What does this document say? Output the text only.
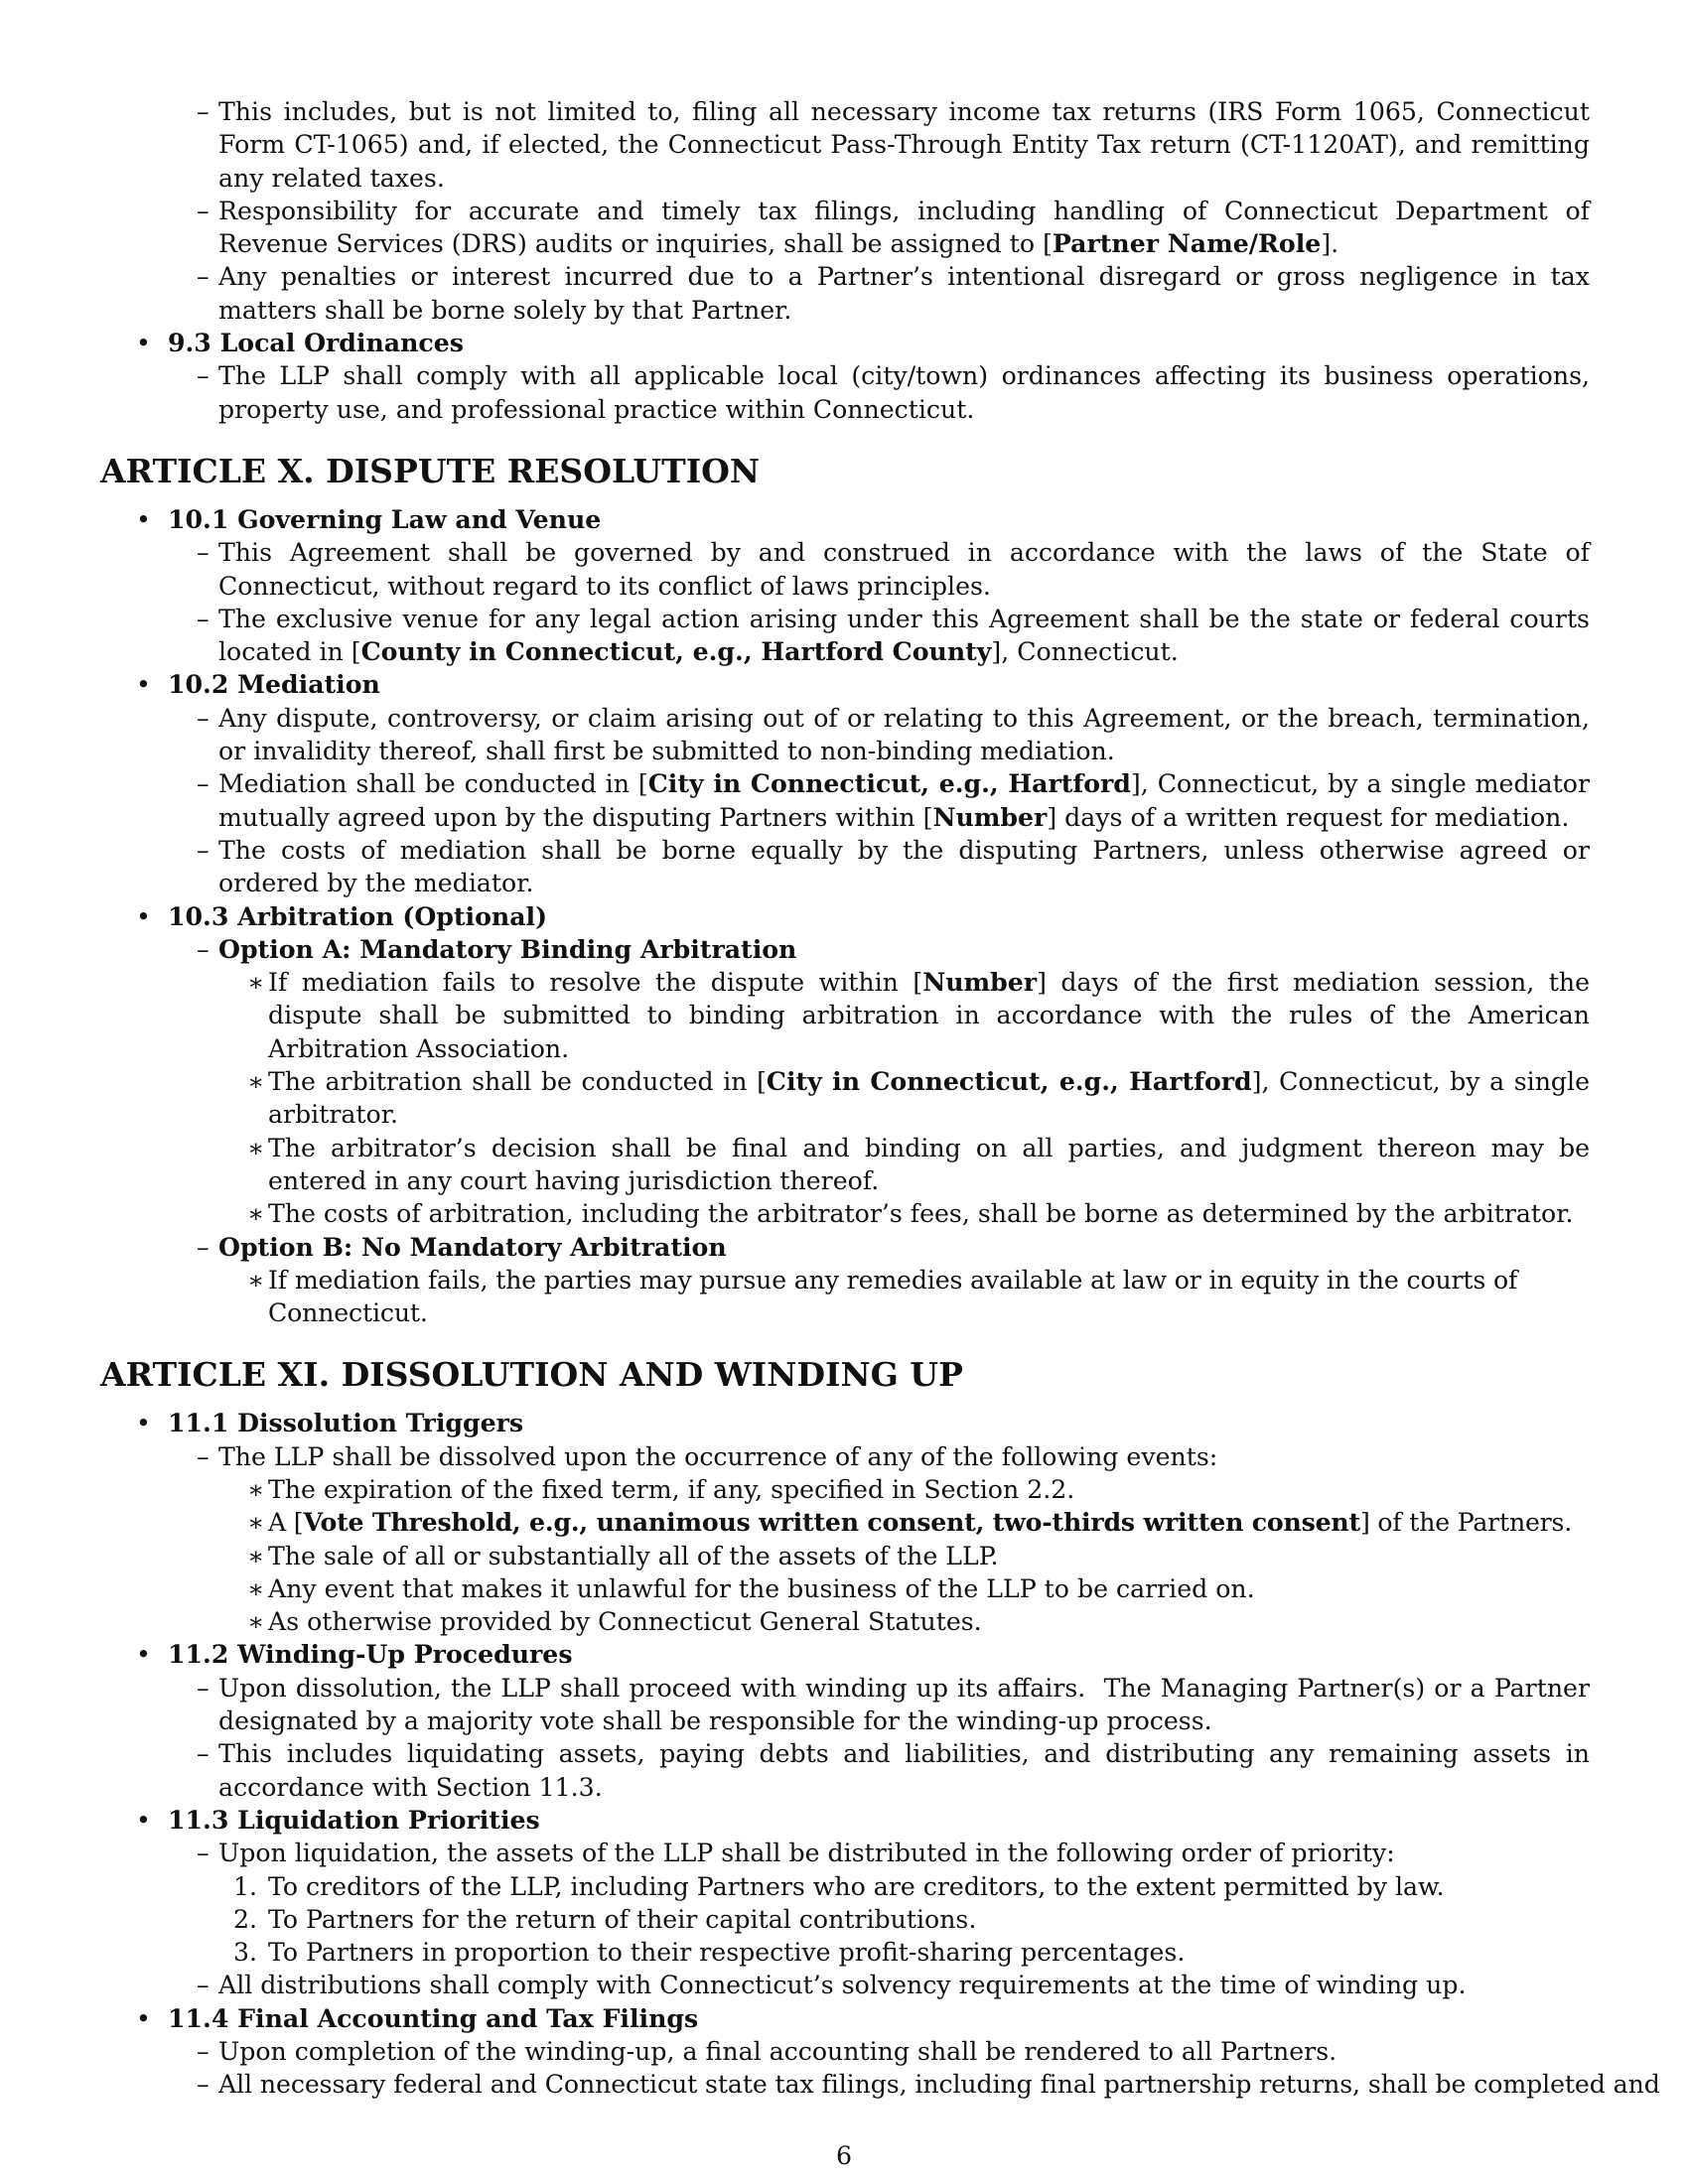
– This includes, but is not limited to, filing all necessary income tax returns (IRS Form 1065, Connecticut Form CT-1065) and, if elected, the Connecticut Pass-Through Entity Tax return (CT-1120AT), and remitting any related taxes.

– Responsibility for accurate and timely tax filings, including handling of Connecticut Department of Revenue Services (DRS) audits or inquiries, shall be assigned to [Partner Name/Role].

– Any penalties or interest incurred due to a Partner’s intentional disregard or gross negligence in tax matters shall be borne solely by that Partner.

• 9.3 Local Ordinances

– The LLP shall comply with all applicable local (city/town) ordinances affecting its business operations, property use, and professional practice within Connecticut.

ARTICLE X. DISPUTE RESOLUTION
• 10.1 Governing Law and Venue

– This Agreement shall be governed by and construed in accordance with the laws of the State of Connecticut, without regard to its conflict of laws principles.

– The exclusive venue for any legal action arising under this Agreement shall be the state or federal courts located in [County in Connecticut, e.g., Hartford County], Connecticut.

• 10.2 Mediation

– Any dispute, controversy, or claim arising out of or relating to this Agreement, or the breach, termination, or invalidity thereof, shall first be submitted to non-binding mediation.

– Mediation shall be conducted in [City in Connecticut, e.g., Hartford], Connecticut, by a single mediator mutually agreed upon by the disputing Partners within [Number] days of a written request for mediation.

– The costs of mediation shall be borne equally by the disputing Partners, unless otherwise agreed or ordered by the mediator.

• 10.3 Arbitration (Optional)
– Option A: Mandatory Binding Arbitration

∗ If mediation fails to resolve the dispute within [Number] days of the first mediation session, the dispute shall be submitted to binding arbitration in accordance with the rules of the American Arbitration Association.

∗ The arbitration shall be conducted in [City in Connecticut, e.g., Hartford], Connecticut, by a single arbitrator.

∗ The arbitrator’s decision shall be final and binding on all parties, and judgment thereon may be entered in any court having jurisdiction thereof.

∗ The costs of arbitration, including the arbitrator’s fees, shall be borne as determined by the arbitrator.

– Option B: No Mandatory Arbitration

∗ If mediation fails, the parties may pursue any remedies available at law or in equity in the courts of Connecticut.

ARTICLE XI. DISSOLUTION AND WINDING UP
• 11.1 Dissolution Triggers

– The LLP shall be dissolved upon the occurrence of any of the following events:

∗ The expiration of the fixed term, if any, specified in Section 2.2.

∗ A [Vote Threshold, e.g., unanimous written consent, two-thirds written consent] of the Partners.

∗ The sale of all or substantially all of the assets of the LLP.

∗ Any event that makes it unlawful for the business of the LLP to be carried on.

∗ As otherwise provided by Connecticut General Statutes.

• 11.2 Winding-Up Procedures

– Upon dissolution, the LLP shall proceed with winding up its affairs.  The Managing Partner(s) or a Partner designated by a majority vote shall be responsible for the winding-up process.

– This includes liquidating assets, paying debts and liabilities, and distributing any remaining assets in accordance with Section 11.3.

• 11.3 Liquidation Priorities

– Upon liquidation, the assets of the LLP shall be distributed in the following order of priority:

1. To creditors of the LLP, including Partners who are creditors, to the extent permitted by law.

2. To Partners for the return of their capital contributions.

3. To Partners in proportion to their respective profit-sharing percentages.

– All distributions shall comply with Connecticut’s solvency requirements at the time of winding up.

• 11.4 Final Accounting and Tax Filings

– Upon completion of the winding-up, a final accounting shall be rendered to all Partners.

– All necessary federal and Connecticut state tax filings, including final partnership returns, shall be completed and

6
